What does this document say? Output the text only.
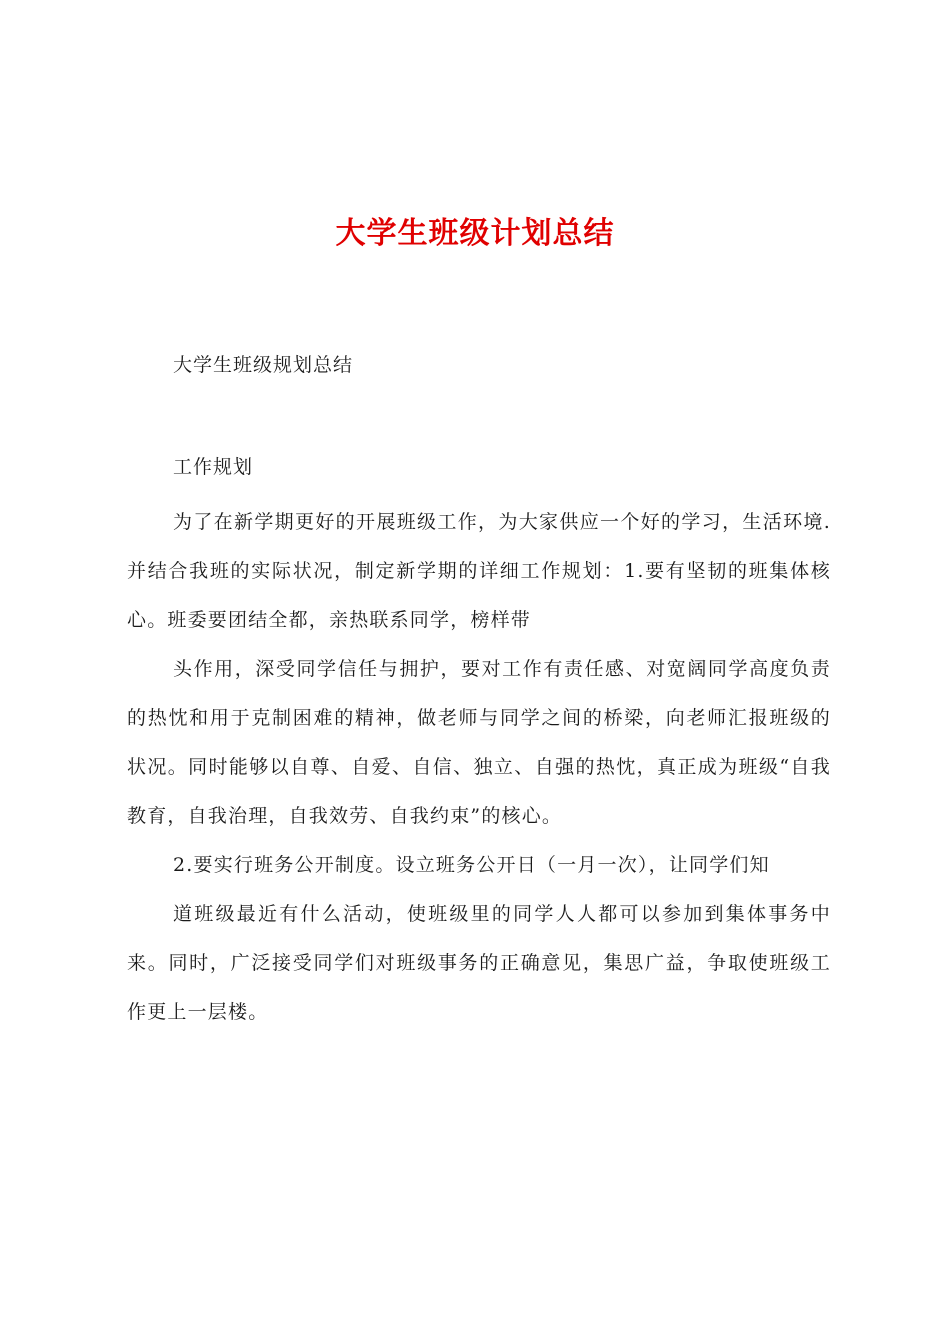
大学生班级计划总结
大学生班级规划总结
工作规划

为了在新学期更好的开展班级工作，为大家供应一个好的学习，生活环境.并结合我班的实际状况，制定新学期的详细工作规划：1.要有坚韧的班集体核心。班委要团结全都，亲热联系同学，榜样带

头作用，深受同学信任与拥护，要对工作有责任感、对宽阔同学高度负责的热忱和用于克制困难的精神，做老师与同学之间的桥梁，向老师汇报班级的状况。同时能够以自尊、自爱、自信、独立、自强的热忱，真正成为班级“自我教育，自我治理，自我效劳、自我约束”的核心。

2.要实行班务公开制度。设立班务公开日（一月一次），让同学们知

道班级最近有什么活动，使班级里的同学人人都可以参加到集体事务中来。同时，广泛接受同学们对班级事务的正确意见，集思广益，争取使班级工作更上一层楼。
